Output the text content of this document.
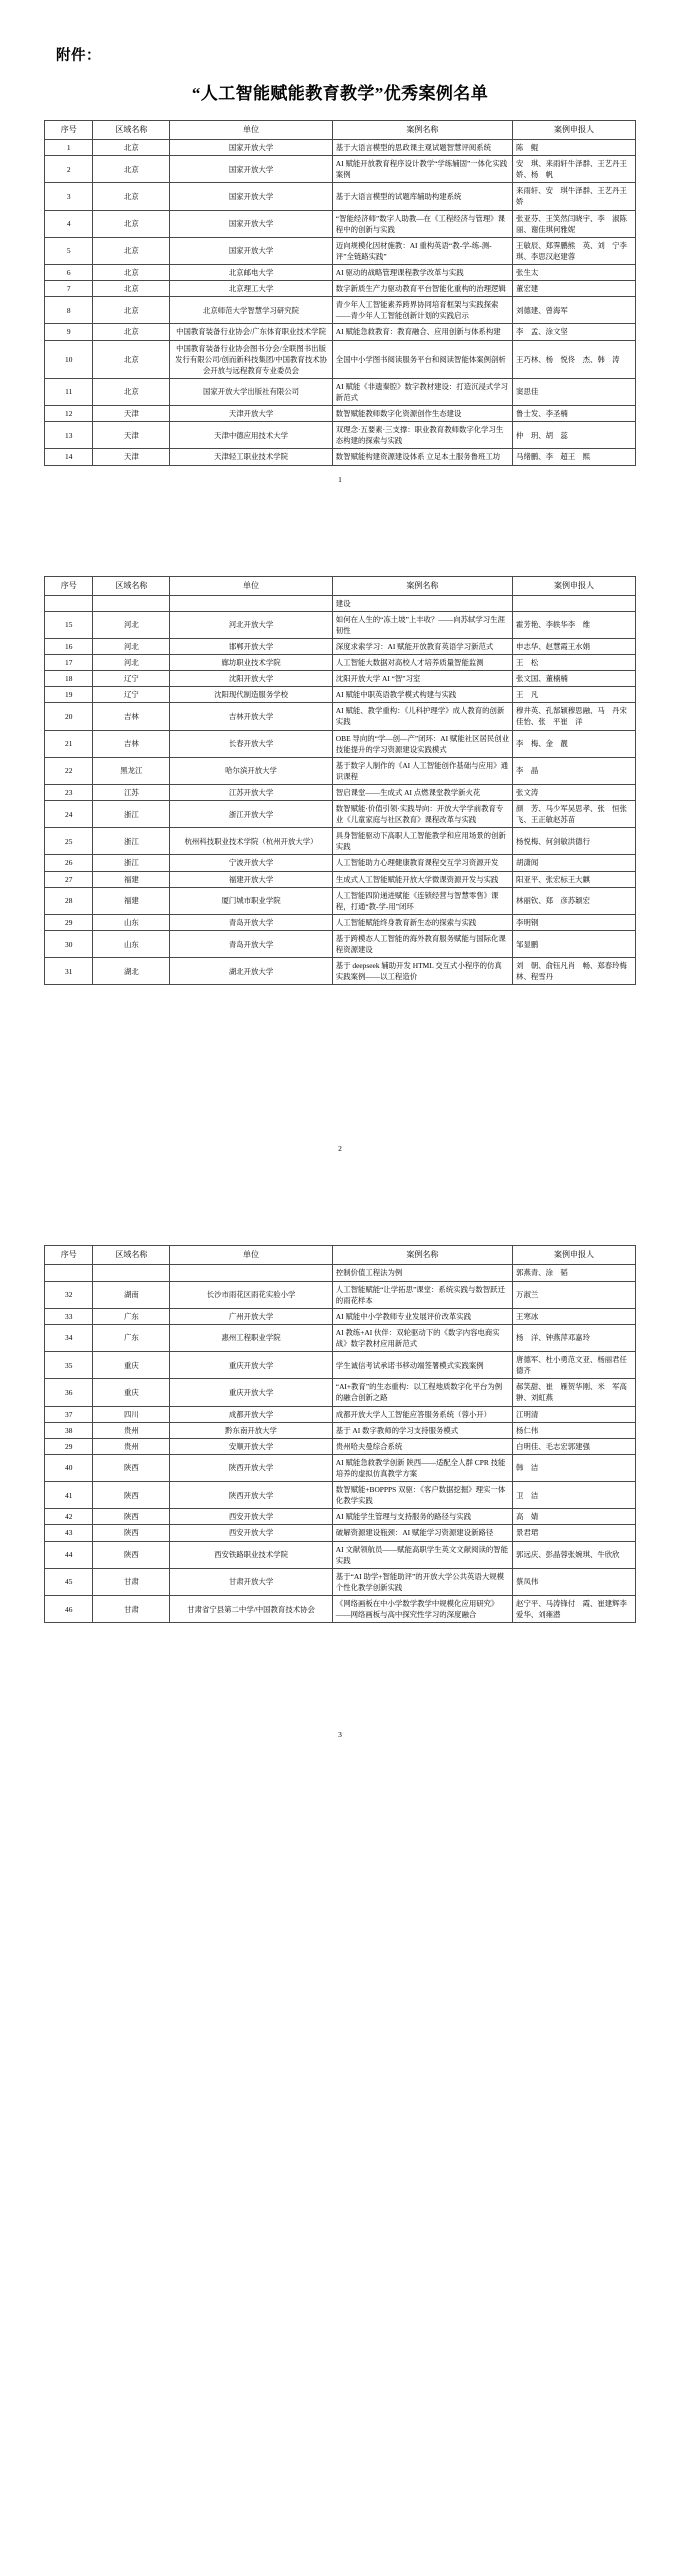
附件：
“人工智能赋能教育教学”优秀案例名单
序号	区域名称	单位	案例名称	案例申报人
1	北京	国家开放大学	基于大语言模型的思政课主观试题智慧评阅系统	陈　鲲
2	北京	国家开放大学	AI 赋能开放教育程序设计教学“学练辅固”一体化实践案例	安　琪、来雨轩牛泽群、王艺丹王　娇、杨　帆
3	北京	国家开放大学	基于大语言模型的试题库辅助构建系统	来雨轩、安　琪牛泽群、王艺丹王　娇
4	北京	国家开放大学	“智能经济师”数字人助教—在《工程经济与管理》课程中的创新与实践	张亚芬、王笑然闫晓宇、李　淑陈　丽、谢佳琪何雅妮
5	北京	国家开放大学	迈向规模化因材施教：AI 重构英语“教-学-练-测-评”全链路实践”	王敏辰、郑霁鹏熊　英、刘　宁李　琪、李思汉赵建蓉
6	北京	北京邮电大学	AI 驱动的战略管理课程教学改革与实践	张生太
7	北京	北京理工大学	数字新质生产力驱动教育平台智能化重构的治理逻辑	董宏建
8	北京	北京师范大学智慧学习研究院	青少年人工智能素养跨界协同培育框架与实践探索——青少年人工智能创新计划的实践启示	刘德建、曾海军
9	北京	中国教育装备行业协会/广东体育职业技术学院	AI 赋能急救教育：教育融合、应用创新与体系构建	李　孟、涂文坚
10	北京	中国教育装备行业协会图书分会/全联图书出版发行有限公司/创而新科技集团/中国教育技术协会开放与远程教育专业委员会	全国中小学图书阅读服务平台和阅读智能体案例剖析	王巧林、杨　悦佟　杰、韩　涛
11	北京	国家开放大学出版社有限公司	AI 赋能《非遗秦腔》数字教材建设：打造沉浸式学习新范式	窦思佳
12	天津	天津开放大学	数智赋能教师数字化资源创作生态建设	鲁士发、李圣楠
13	天津	天津中德应用技术大学	双理念·五要素·三支撑：职业教育教师数字化学习生态构建的探索与实践	仲　玥、胡　蕊
14	天津	天津轻工职业技术学院	数智赋能构建资源建设体系 立足本土服务鲁班工坊	马绪鹏、李　超王　熙
1
序号	区域名称	单位	案例名称	案例申报人
			建设	
15	河北	河北开放大学	如何在人生的“冻土坡”上丰收？——向苏轼学习生涯韧性	霍芳艳、李轶华李　维
16	河北	邯郸开放大学	深度求索学习：AI 赋能开放教育英语学习新范式	申志华、赵慧霞王水娟
17	河北	廊坊职业技术学院	人工智能大数据对高校人才培养质量智能监测	王　松
18	辽宁	沈阳开放大学	沈阳开放大学 AI “智”习室	张文国、董楠楠
19	辽宁	沈阳现代制造服务学校	AI 赋能中职英语教学模式构建与实践	王　凡
20	吉林	吉林开放大学	AI 赋能、教学重构：《儿科护理学》成人教育的创新实践	穆井英、孔郜颖穆思融、马　丹宋佳怡、张　平崔　洋
21	吉林	长春开放大学	OBE 导向的“学—创—产”闭环：AI 赋能社区居民创业技能提升的学习资源建设实践模式	李　梅、金　靓
22	黑龙江	哈尔滨开放大学	基于数字人制作的《AI 人工智能创作基础与应用》通识课程	李　晶
23	江苏	江苏开放大学	智启课堂——生成式 AI 点燃课堂教学新火花	张文涛
24	浙江	浙江开放大学	数智赋能·价值引领·实践导向：开放大学学前教育专业《儿童家庭与社区教育》课程改革与实践	颜　芳、马少军吴思孝、张　恒张　飞、王正敏赵苏苗
25	浙江	杭州科技职业技术学院（杭州开放大学）	具身智能驱动下高职人工智能教学和应用场景的创新实践	杨悦梅、何剑敏洪德行
26	浙江	宁波开放大学	人工智能助力心理健康教育课程交互学习资源开发	胡潇闻
27	福建	福建开放大学	生成式人工智能赋能开放大学微课资源开发与实践	阳亚平、张宏标王大麒
28	福建	厦门城市职业学院	人工智能四阶递进赋能《连锁经营与智慧零售》课程，打通“教-学-用”闭环	林丽钦、郑　彦苏颖宏
29	山东	青岛开放大学	人工智能赋能终身教育新生态的探索与实践	李明钢
30	山东	青岛开放大学	基于跨模态人工智能的海外教育服务赋能与国际化课程资源建设	邹显鹏
31	湖北	湖北开放大学	基于 deepseek 辅助开发 HTML 交互式小程序的仿真实践案例——以工程造价	刘　朝、俞钰凡肖　畅、郑春玲梅　林、程雪丹
2
序号	区域名称	单位	案例名称	案例申报人
			控制价值工程法为例	郭燕青、涂　韬
32	湖南	长沙市雨花区雨花实验小学	人工智能赋能“让学拓思”课堂：系统实践与数智跃迁的雨花样本	万淑兰
33	广东	广州开放大学	AI 赋能中小学教师专业发展评价改革实践	王寒冰
34	广东	惠州工程职业学院	AI 教练+AI 伙伴：双轮驱动下的《数字内容电商实战》数字教材应用新范式	杨　洋、钟燕萍邓嘉玲
35	重庆	重庆开放大学	学生诚信考试承诺书移动端签署模式实践案例	唐德军、杜小勇范文亚、杨丽君任德齐
36	重庆	重庆开放大学	“AI+教育”的生态重构：以工程地质数字化平台为例的融合创新之路	郝笑甜、崔　雁贺华刚、米　军高　翀、刘虹燕
37	四川	成都开放大学	成都开放大学人工智能应答服务系统（蓉小开）	江明清
38	贵州	黔东南开放大学	基于 AI 数字教师的学习支持服务模式	杨仁伟
29	贵州	安顺开放大学	贵州哈夫曼综合系统	白明佳、毛志宏郭建强
40	陕西	陕西开放大学	AI 赋能急救教学创新 陕西——适配全人群 CPR 技能培养的虚拟仿真教学方案	韩　洁
41	陕西	陕西开放大学	数智赋能+BOPPPS 双驱：《客户数据挖掘》理实一体化教学实践	卫　洁
42	陕西	西安开放大学	AI 赋能学生管理与支持服务的路径与实践	高　婧
43	陕西	西安开放大学	破解资源建设瓶颈：AI 赋能学习资源建设新路径	景君珺
44	陕西	西安铁路职业技术学院	AI 文献领航员——赋能高职学生英文文献阅读的智能实践	郭远庆、彭晶蓉张婉琪、牛欣欣
45	甘肃	甘肃开放大学	基于“AI 助学+智能助评”的开放大学公共英语大规模个性化教学创新实践	蔡凤伟
46	甘肃	甘肃省宁县第二中学/中国教育技术协会	《网络画板在中小学数学教学中规模化应用研究》——网络画板与高中探究性学习的深度融合	赵宁平、马涛锋付　霞、崔建辉李爱华、刘雍潜
3
